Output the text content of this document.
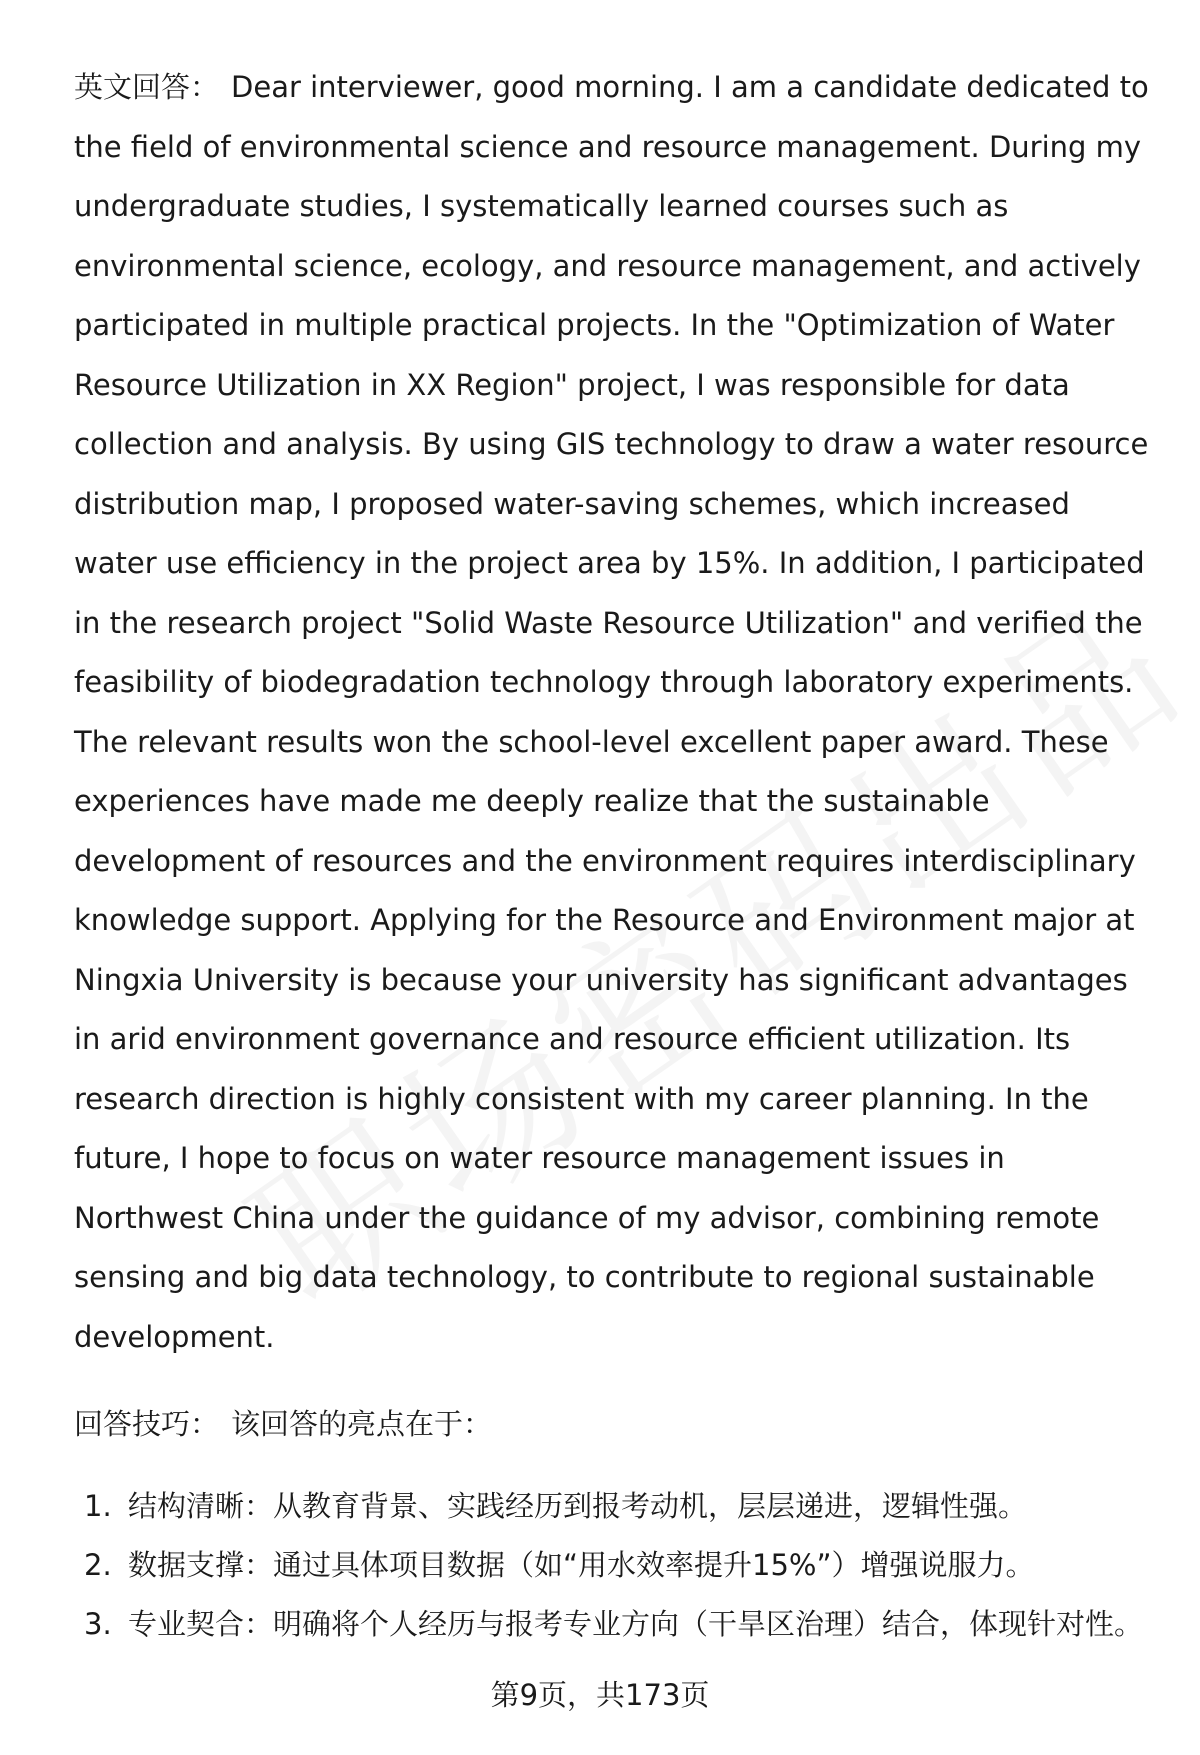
英文回答： Dear interviewer, good morning. I am a candidate dedicated to the field of environmental science and resource management. During my undergraduate studies, I systematically learned courses such as environmental science, ecology, and resource management, and actively participated in multiple practical projects. In the "Optimization of Water Resource Utilization in XX Region" project, I was responsible for data collection and analysis. By using GIS technology to draw a water resource distribution map, I proposed water-saving schemes, which increased water use efficiency in the project area by 15%. In addition, I participated in the research project "Solid Waste Resource Utilization" and verified the feasibility of biodegradation technology through laboratory experiments. The relevant results won the school-level excellent paper award. These experiences have made me deeply realize that the sustainable development of resources and the environment requires interdisciplinary knowledge support. Applying for the Resource and Environment major at Ningxia University is because your university has significant advantages in arid environment governance and resource efficient utilization. Its research direction is highly consistent with my career planning. In the future, I hope to focus on water resource management issues in Northwest China under the guidance of my advisor, combining remote sensing and big data technology, to contribute to regional sustainable development.

回答技巧： 该回答的亮点在于：

1. 结构清晰：从教育背景、实践经历到报考动机，层层递进，逻辑性强。
2. 数据支撑：通过具体项目数据（如“用水效率提升15%”）增强说服力。
3. 专业契合：明确将个人经历与报考专业方向（干旱区治理）结合，体现针对性。
第9页，共173页
